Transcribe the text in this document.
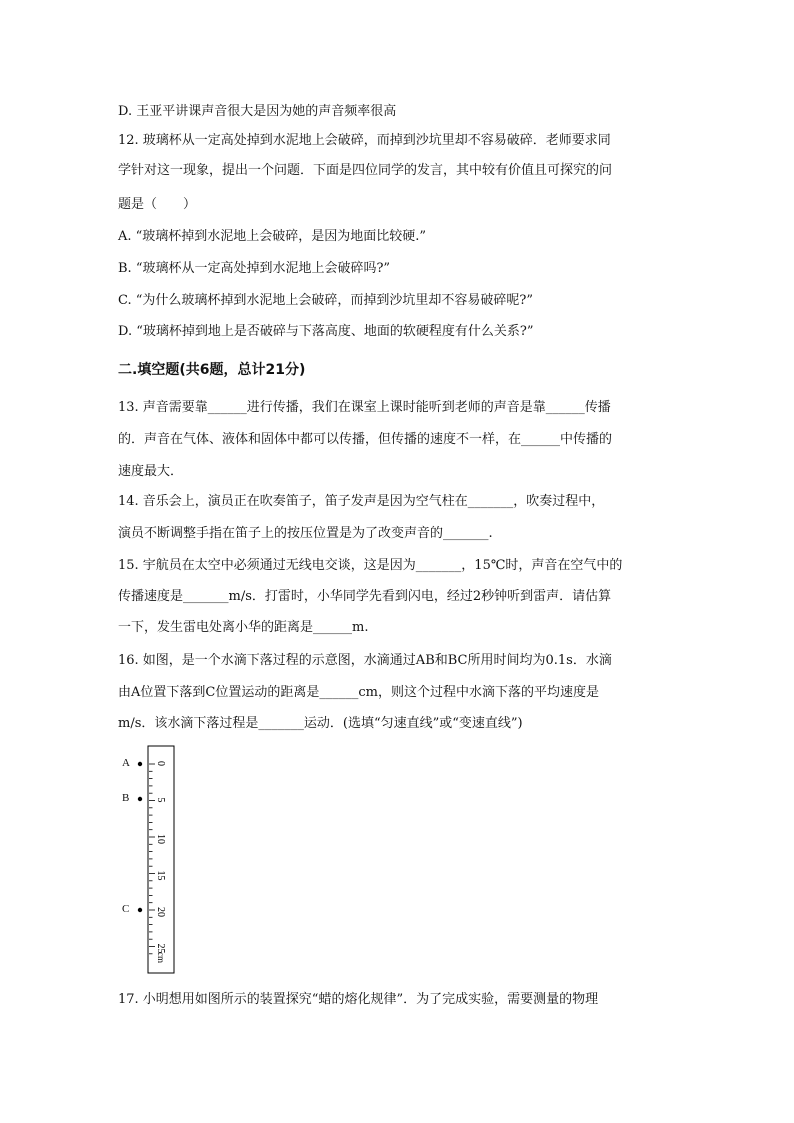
D. 王亚平讲课声音很大是因为她的声音频率很高
12. 玻璃杯从一定高处掉到水泥地上会破碎，而掉到沙坑里却不容易破碎．老师要求同
学针对这一现象，提出一个问题．下面是四位同学的发言，其中较有价值且可探究的问
题是（　　）
A. “玻璃杯掉到水泥地上会破碎，是因为地面比较硬.”
B. “玻璃杯从一定高处掉到水泥地上会破碎吗?”
C. “为什么玻璃杯掉到水泥地上会破碎，而掉到沙坑里却不容易破碎呢?”
D. “玻璃杯掉到地上是否破碎与下落高度、地面的软硬程度有什么关系?”
二.填空题(共6题，总计21分)
13. 声音需要靠______进行传播，我们在课室上课时能听到老师的声音是靠______传播
的．声音在气体、液体和固体中都可以传播，但传播的速度不一样，在______中传播的
速度最大．
14. 音乐会上，演员正在吹奏笛子，笛子发声是因为空气柱在_______，吹奏过程中，
演员不断调整手指在笛子上的按压位置是为了改变声音的_______.
15. 宇航员在太空中必须通过无线电交谈，这是因为_______，15℃时，声音在空气中的
传播速度是_______m/s．打雷时，小华同学先看到闪电，经过2秒钟听到雷声．请估算
一下，发生雷电处离小华的距离是______m.
16. 如图，是一个水滴下落过程的示意图，水滴通过AB和BC所用时间均为0.1s．水滴
由A位置下落到C位置运动的距离是______cm，则这个过程中水滴下落的平均速度是
m/s．该水滴下落过程是_______运动．(选填“匀速直线”或“变速直线”)
17. 小明想用如图所示的装置探究“蜡的熔化规律”．为了完成实验，需要测量的物理
A
B
C
0
5
10
15
20
25
cm
